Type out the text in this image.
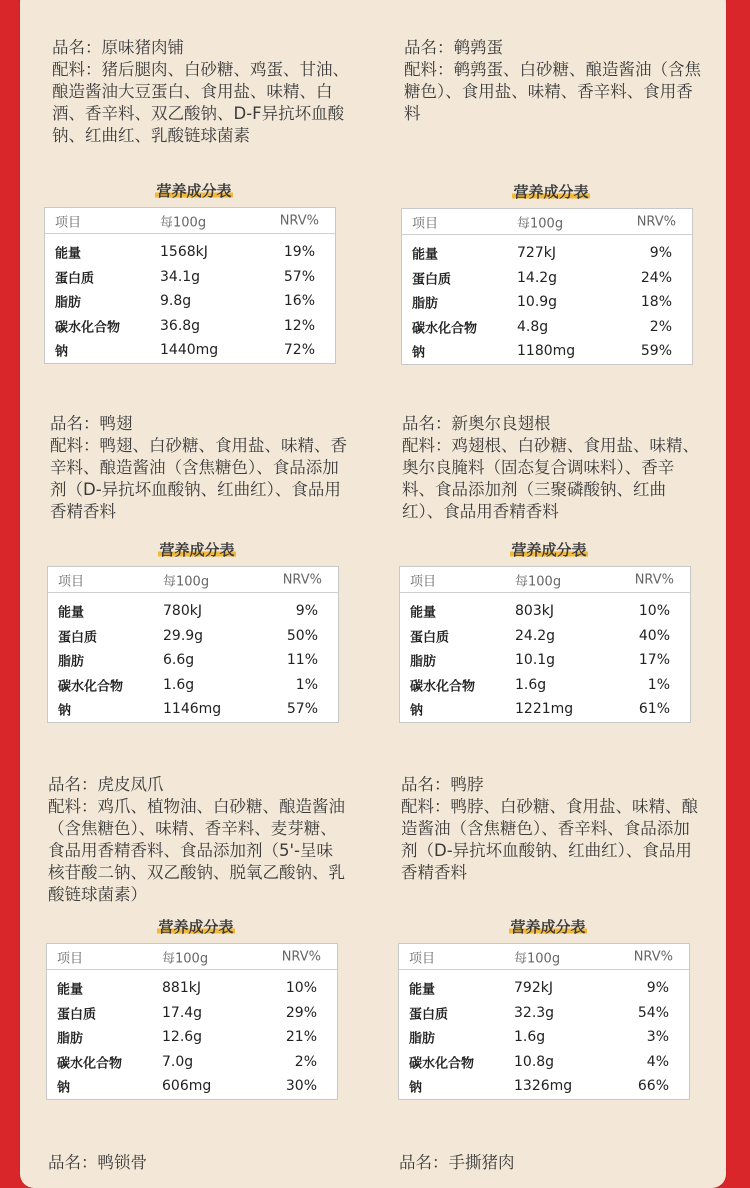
品名：原味猪肉铺

配料：猪后腿肉、白砂糖、鸡蛋、甘油、酿造酱油大豆蛋白、食用盐、味精、白酒、香辛料、双乙酸钠、D-F异抗坏血酸钠、红曲红、乳酸链球菌素

营养成分表
项目	每100g	NRV%
能量	1568kJ	19%
蛋白质	34.1g	57%
脂肪	9.8g	16%
碳水化合物	36.8g	12%
钠	1440mg	72%

品名：鹌鹑蛋

配料：鹌鹑蛋、白砂糖、酿造酱油（含焦糖色）、食用盐、味精、香辛料、食用香料

营养成分表
项目	每100g	NRV%
能量	727kJ	9%
蛋白质	14.2g	24%
脂肪	10.9g	18%
碳水化合物	4.8g	2%
钠	1180mg	59%

品名：鸭翅

配料：鸭翅、白砂糖、食用盐、味精、香辛料、酿造酱油（含焦糖色）、食品添加剂（D-异抗坏血酸钠、红曲红）、食品用香精香料

营养成分表
项目	每100g	NRV%
能量	780kJ	9%
蛋白质	29.9g	50%
脂肪	6.6g	11%
碳水化合物	1.6g	1%
钠	1146mg	57%

品名：新奥尔良翅根

配料：鸡翅根、白砂糖、食用盐、味精、奥尔良腌料（固态复合调味料）、香辛料、食品添加剂（三聚磷酸钠、红曲红）、食品用香精香料

营养成分表
项目	每100g	NRV%
能量	803kJ	10%
蛋白质	24.2g	40%
脂肪	10.1g	17%
碳水化合物	1.6g	1%
钠	1221mg	61%

品名：虎皮凤爪

配料：鸡爪、植物油、白砂糖、酿造酱油（含焦糖色）、味精、香辛料、麦芽糖、食品用香精香料、食品添加剂（5'-呈味核苷酸二钠、双乙酸钠、脱氧乙酸钠、乳酸链球菌素）

营养成分表
项目	每100g	NRV%
能量	881kJ	10%
蛋白质	17.4g	29%
脂肪	12.6g	21%
碳水化合物	7.0g	2%
钠	606mg	30%

品名：鸭脖

配料：鸭脖、白砂糖、食用盐、味精、酿造酱油（含焦糖色）、香辛料、食品添加剂（D-异抗坏血酸钠、红曲红）、食品用香精香料

营养成分表
项目	每100g	NRV%
能量	792kJ	9%
蛋白质	32.3g	54%
脂肪	1.6g	3%
碳水化合物	10.8g	4%
钠	1326mg	66%

品名：鸭锁骨	品名：手撕猪肉
